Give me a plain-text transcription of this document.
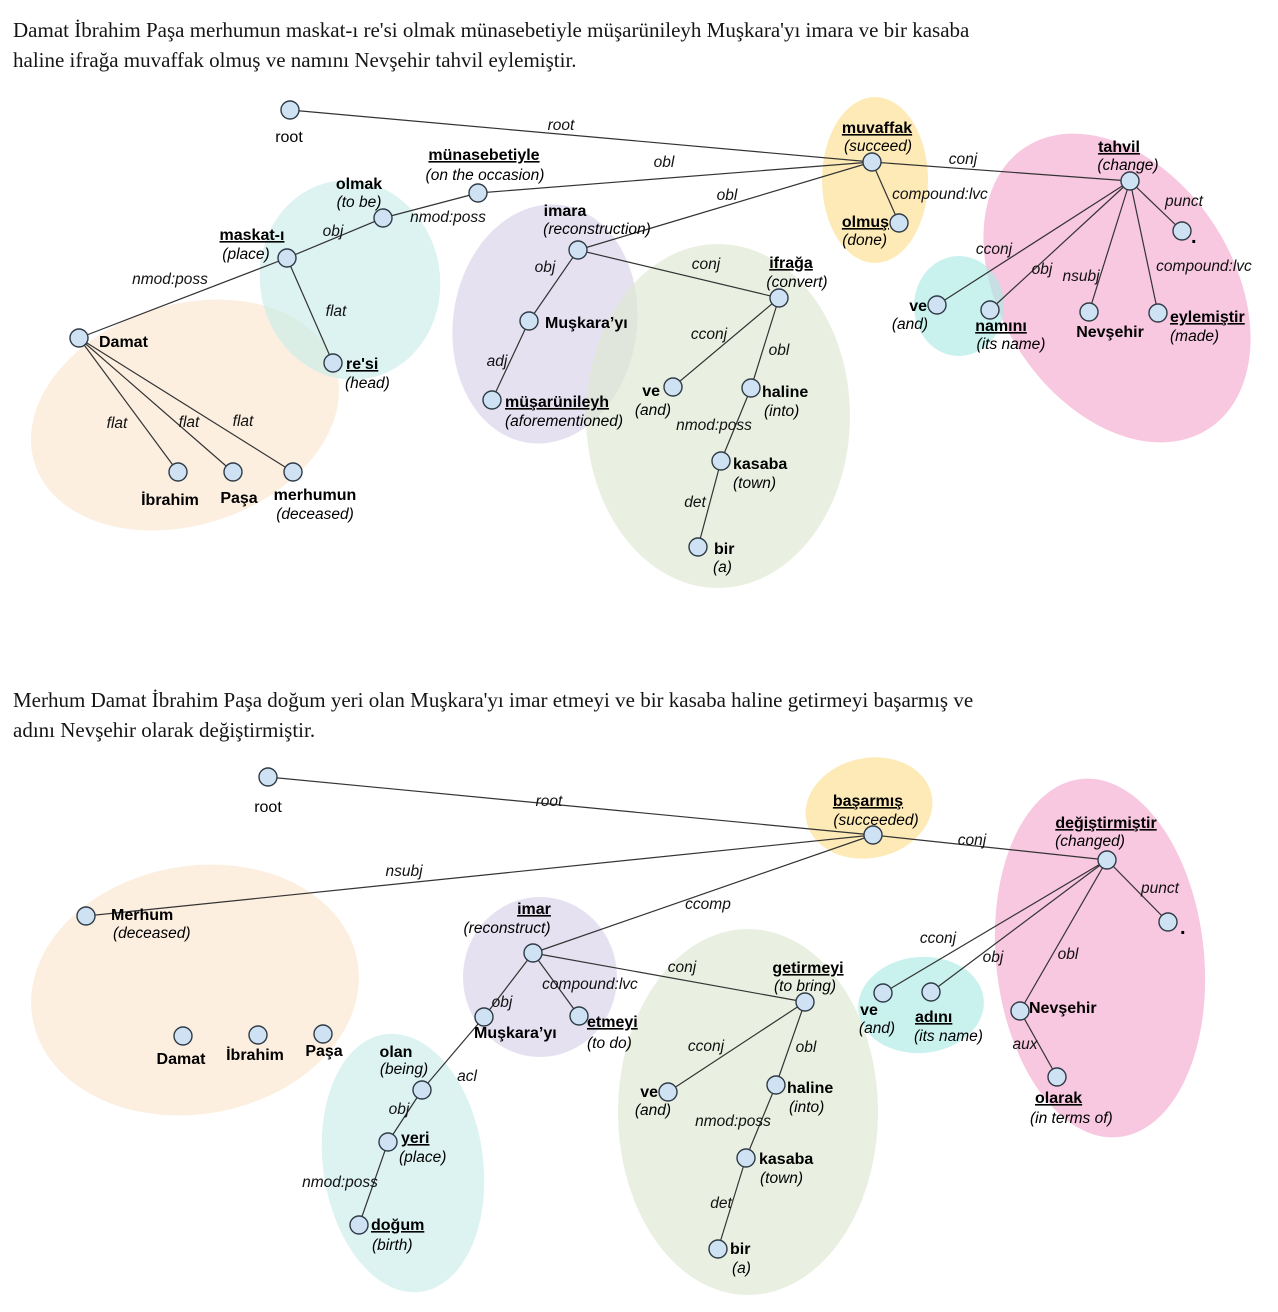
Damat İbrahim Paşa merhumun maskat-ı re'si olmak münasebetiyle müşarünileyh Muşkara'yı imara ve bir kasaba
haline ifrağa muvaffak olmuş ve namını Nevşehir tahvil eylemiştir.
Merhum Damat İbrahim Paşa doğum yeri olan Muşkara'yı imar etmeyi ve bir kasaba haline getirmeyi başarmış ve
adını Nevşehir olarak değiştirmiştir.
root
obl
obl	compound:lvc
conj
nmod:poss
obj
nmod:poss
flat
flat	flat flat
obj
adj
conj
cconj
obl
nmod:poss
det
cconj
obj nsubj
compound:lvc
punct
root
muvaffak
(succeed)
olmuş
(done)
tahvil
(change)
.
ve
(and)	namını
(its name)
Nevşehir
eylemiştir
(made)
münasebetiyle
(on the occasion)
olmak
(to be)
maskat-ı
(place)
Damat
İbrahim Paşa merhumun
(deceased)
re'si
(head)
imara
(reconstruction)
Muşkara’yı
müşarünileyh
(aforementioned)
ifrağa
(convert)
ve
(and)
haline
(into)
kasaba
(town)
bir
(a)
root
nsubj
ccomp
conj
obj
compound:lvc
conj
acl
obj
nmod:poss
cconj	obl
nmod:poss
det
cconj
obj	obl
punct
aux
root	başarmış
(succeeded)	değiştirmiştir
(changed)
.
Merhum
(deceased)
Damat İbrahim Paşa
imar
(reconstruct)
Muşkara’yı
etmeyi
(to do)
olan
(being)
yeri
(place)
doğum
(birth)
getirmeyi
(to bring)
ve
(and)
haline
(into)
kasaba
(town)
bir
(a)
ve
(and)
adını
(its name)
Nevşehir
olarak
(in terms of)
